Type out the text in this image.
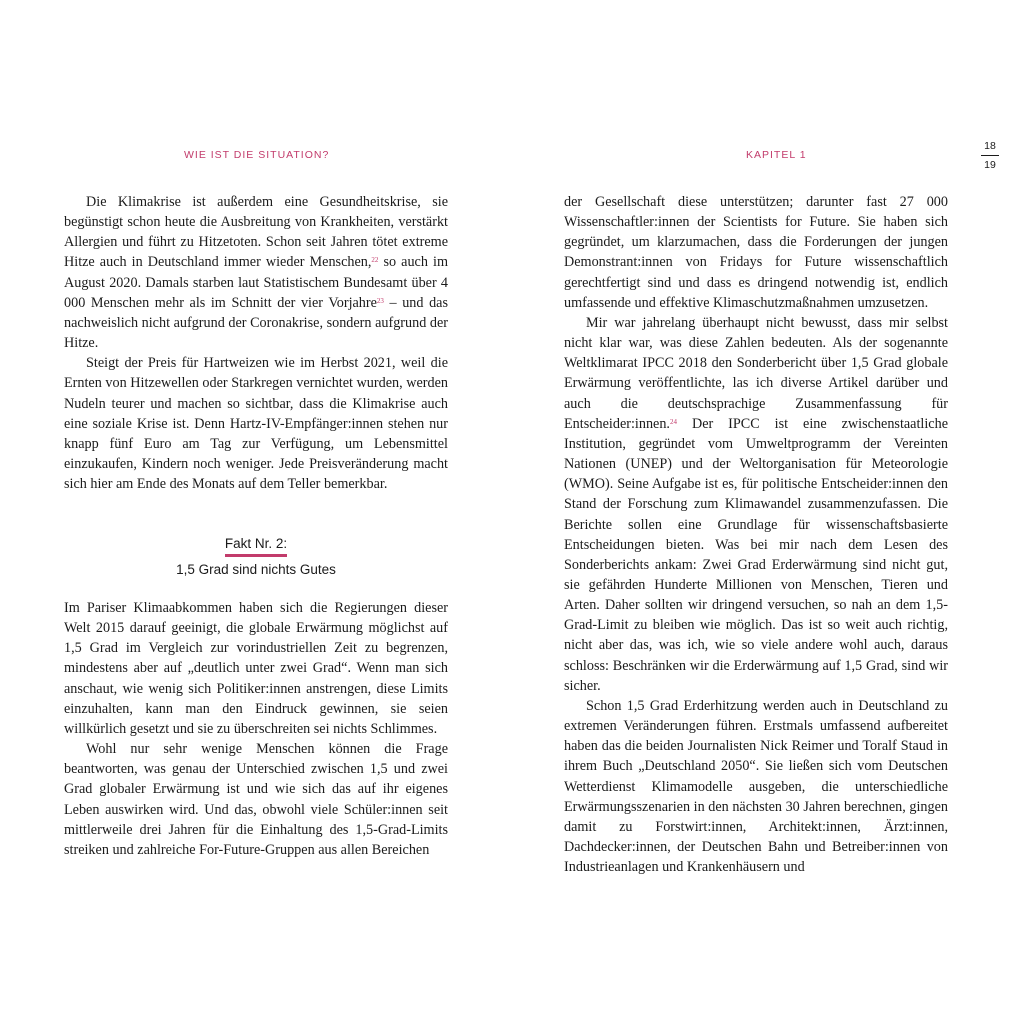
WIE IST DIE SITUATION?

Die Klimakrise ist außerdem eine Gesundheitskrise, sie begünstigt schon heute die Ausbreitung von Krankheiten, verstärkt Allergien und führt zu Hitzetoten. Schon seit Jahren tötet extreme Hitze auch in Deutschland immer wieder Menschen,$^{22}$ so auch im August 2020. Damals starben laut Statistischem Bundesamt über 4 000 Menschen mehr als im Schnitt der vier Vorjahre$^{23}$ – und das nachweislich nicht aufgrund der Coronakrise, sondern aufgrund der Hitze.

Steigt der Preis für Hartweizen wie im Herbst 2021, weil die Ernten von Hitzewellen oder Starkregen vernichtet wurden, werden Nudeln teurer und machen so sichtbar, dass die Klimakrise auch eine soziale Krise ist. Denn Hartz-IV-Empfänger:innen stehen nur knapp fünf Euro am Tag zur Verfügung, um Lebensmittel einzukaufen, Kindern noch weniger. Jede Preisveränderung macht sich hier am Ende des Monats auf dem Teller bemerkbar.

Fakt Nr. 2:
1,5 Grad sind nichts Gutes

Im Pariser Klimaabkommen haben sich die Regierungen dieser Welt 2015 darauf geeinigt, die globale Erwärmung möglichst auf 1,5 Grad im Vergleich zur vorindustriellen Zeit zu begrenzen, mindestens aber auf „deutlich unter zwei Grad“. Wenn man sich anschaut, wie wenig sich Politiker:innen anstrengen, diese Limits einzuhalten, kann man den Eindruck gewinnen, sie seien willkürlich gesetzt und sie zu überschreiten sei nichts Schlimmes.

Wohl nur sehr wenige Menschen können die Frage beantworten, was genau der Unterschied zwischen 1,5 und zwei Grad globaler Erwärmung ist und wie sich das auf ihr eigenes Leben auswirken wird. Und das, obwohl viele Schüler:innen seit mittlerweile drei Jahren für die Einhaltung des 1,5-Grad-Limits streiken und zahlreiche For-Future-Gruppen aus allen Bereichen

KAPITEL 1
18
19

der Gesellschaft diese unterstützen; darunter fast 27 000 Wissenschaftler:innen der Scientists for Future. Sie haben sich gegründet, um klarzumachen, dass die Forderungen der jungen Demonstrant:innen von Fridays for Future wissenschaftlich gerechtfertigt sind und dass es dringend notwendig ist, endlich umfassende und effektive Klimaschutzmaßnahmen umzusetzen.

Mir war jahrelang überhaupt nicht bewusst, dass mir selbst nicht klar war, was diese Zahlen bedeuten. Als der sogenannte Weltklimarat IPCC 2018 den Sonderbericht über 1,5 Grad globale Erwärmung veröffentlichte, las ich diverse Artikel darüber und auch die deutschsprachige Zusammenfassung für Entscheider:innen.$^{24}$ Der IPCC ist eine zwischenstaatliche Institution, gegründet vom Umweltprogramm der Vereinten Nationen (UNEP) und der Weltorganisation für Meteorologie (WMO). Seine Aufgabe ist es, für politische Entscheider:innen den Stand der Forschung zum Klimawandel zusammenzufassen. Die Berichte sollen eine Grundlage für wissenschaftsbasierte Entscheidungen bieten. Was bei mir nach dem Lesen des Sonderberichts ankam: Zwei Grad Erderwärmung sind nicht gut, sie gefährden Hunderte Millionen von Menschen, Tieren und Arten. Daher sollten wir dringend versuchen, so nah an dem 1,5-Grad-Limit zu bleiben wie möglich. Das ist so weit auch richtig, nicht aber das, was ich, wie so viele andere wohl auch, daraus schloss: Beschränken wir die Erderwärmung auf 1,5 Grad, sind wir sicher.

Schon 1,5 Grad Erderhitzung werden auch in Deutschland zu extremen Veränderungen führen. Erstmals umfassend aufbereitet haben das die beiden Journalisten Nick Reimer und Toralf Staud in ihrem Buch „Deutschland 2050“. Sie ließen sich vom Deutschen Wetterdienst Klimamodelle ausgeben, die unterschiedliche Erwärmungsszenarien in den nächsten 30 Jahren berechnen, gingen damit zu Forstwirt:innen, Architekt:innen, Ärzt:innen, Dachdecker:innen, der Deutschen Bahn und Betreiber:innen von Industrieanlagen und Krankenhäusern und
